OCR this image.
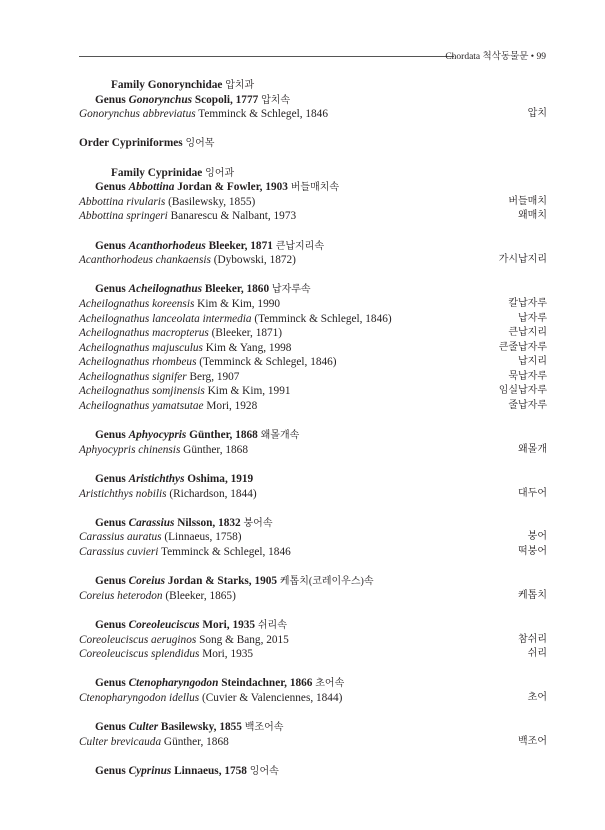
Chordata 척삭동물문 • 99
Family Gonorynchidae 압치과
Genus Gonorynchus Scopoli, 1777 압치속
Gonorynchus abbreviatus Temminck & Schlegel, 1846	압치
Order Cypriniformes 잉어목
Family Cyprinidae 잉어과
Genus Abbottina Jordan & Fowler, 1903 버들매치속
Abbottina rivularis (Basilewsky, 1855)	버들매치
Abbottina springeri Banarescu & Nalbant, 1973	왜매치
Genus Acanthorhodeus Bleeker, 1871 큰납지리속
Acanthorhodeus chankaensis (Dybowski, 1872)	가시납지리
Genus Acheilognathus Bleeker, 1860 납자루속
Acheilognathus koreensis Kim & Kim, 1990	칼납자루
Acheilognathus lanceolata intermedia (Temminck & Schlegel, 1846)	납자루
Acheilognathus macropterus (Bleeker, 1871)	큰납지리
Acheilognathus majusculus Kim & Yang, 1998	큰줄납자루
Acheilognathus rhombeus (Temminck & Schlegel, 1846)	납지리
Acheilognathus signifer Berg, 1907	묵납자루
Acheilognathus somjinensis Kim & Kim, 1991	임실납자루
Acheilognathus yamatsutae Mori, 1928	줄납자루
Genus Aphyocypris Günther, 1868 왜몰개속
Aphyocypris chinensis Günther, 1868	왜몰개
Genus Aristichthys Oshima, 1919
Aristichthys nobilis (Richardson, 1844)	대두어
Genus Carassius Nilsson, 1832 붕어속
Carassius auratus (Linnaeus, 1758)	붕어
Carassius cuvieri Temminck & Schlegel, 1846	떡붕어
Genus Coreius Jordan & Starks, 1905 케톱치(코레이우스)속
Coreius heterodon (Bleeker, 1865)	케톱치
Genus Coreoleuciscus Mori, 1935 쉬리속
Coreoleuciscus aeruginos Song & Bang, 2015	참쉬리
Coreoleuciscus splendidus Mori, 1935	쉬리
Genus Ctenopharyngodon Steindachner, 1866 초어속
Ctenopharyngodon idellus (Cuvier & Valenciennes, 1844)	초어
Genus Culter Basilewsky, 1855 백조어속
Culter brevicauda Günther, 1868	백조어
Genus Cyprinus Linnaeus, 1758 잉어속
